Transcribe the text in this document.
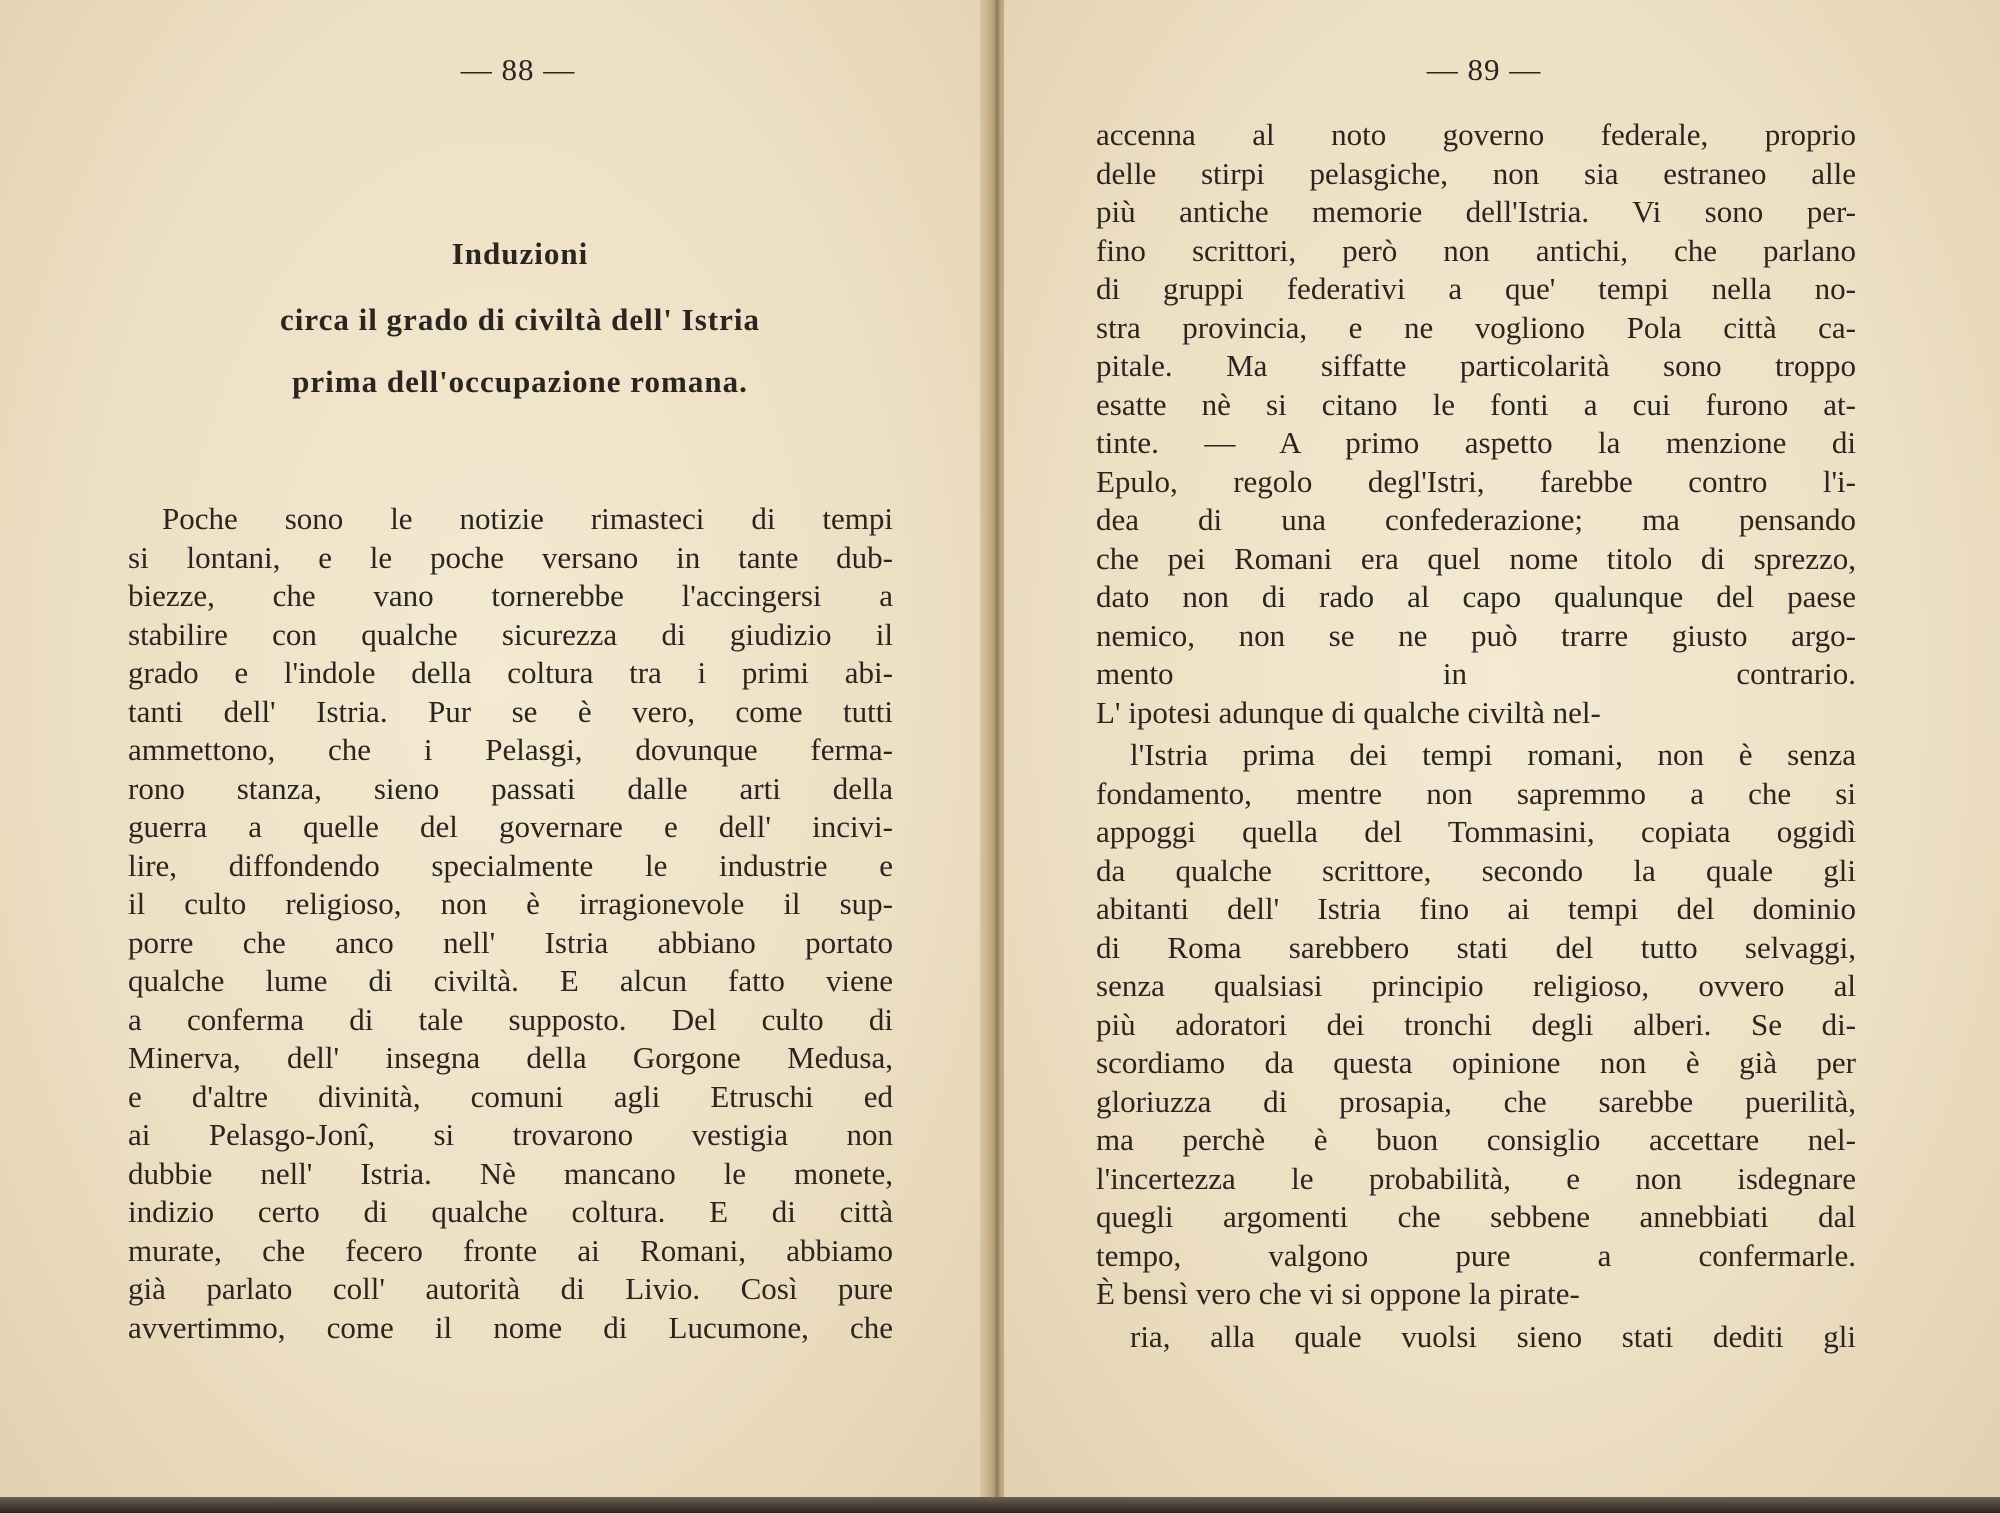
— 88 —
Induzioni
circa il grado di civiltà dell' Istria
prima dell'occupazione romana.
Poche sono le notizie rimasteci di tempi
si lontani, e le poche versano in tante dub-
biezze, che vano tornerebbe l'accingersi a
stabilire con qualche sicurezza di giudizio il
grado e l'indole della coltura tra i primi abi-
tanti dell' Istria. Pur se è vero, come tutti
ammettono, che i Pelasgi, dovunque ferma-
rono stanza, sieno passati dalle arti della
guerra a quelle del governare e dell' incivi-
lire, diffondendo specialmente le industrie e
il culto religioso, non è irragionevole il sup-
porre che anco nell' Istria abbiano portato
qualche lume di civiltà. E alcun fatto viene
a conferma di tale supposto. Del culto di
Minerva, dell' insegna della Gorgone Medusa,
e d'altre divinità, comuni agli Etruschi ed
ai Pelasgo-Jonî, si trovarono vestigia non
dubbie nell' Istria. Nè mancano le monete,
indizio certo di qualche coltura. E di città
murate, che fecero fronte ai Romani, abbiamo
già parlato coll' autorità di Livio. Così pure
avvertimmo, come il nome di Lucumone, che
— 89 —
accenna al noto governo federale, proprio
delle stirpi pelasgiche, non sia estraneo alle
più antiche memorie dell'Istria. Vi sono per-
fino scrittori, però non antichi, che parlano
di gruppi federativi a que' tempi nella no-
stra provincia, e ne vogliono Pola città ca-
pitale. Ma siffatte particolarità sono troppo
esatte nè si citano le fonti a cui furono at-
tinte. — A primo aspetto la menzione di
Epulo, regolo degl'Istri, farebbe contro l'i-
dea di una confederazione; ma pensando
che pei Romani era quel nome titolo di sprezzo,
dato non di rado al capo qualunque del paese
nemico, non se ne può trarre giusto argo-
mento in contrario.
L' ipotesi adunque di qualche civiltà nel-
l'Istria prima dei tempi romani, non è senza
fondamento, mentre non sapremmo a che si
appoggi quella del Tommasini, copiata oggidì
da qualche scrittore, secondo la quale gli
abitanti dell' Istria fino ai tempi del dominio
di Roma sarebbero stati del tutto selvaggi,
senza qualsiasi principio religioso, ovvero al
più adoratori dei tronchi degli alberi. Se di-
scordiamo da questa opinione non è già per
gloriuzza di prosapia, che sarebbe puerilità,
ma perchè è buon consiglio accettare nel-
l'incertezza le probabilità, e non isdegnare
quegli argomenti che sebbene annebbiati dal
tempo, valgono pure a confermarle.
È bensì vero che vi si oppone la pirate-
ria, alla quale vuolsi sieno stati dediti gli
